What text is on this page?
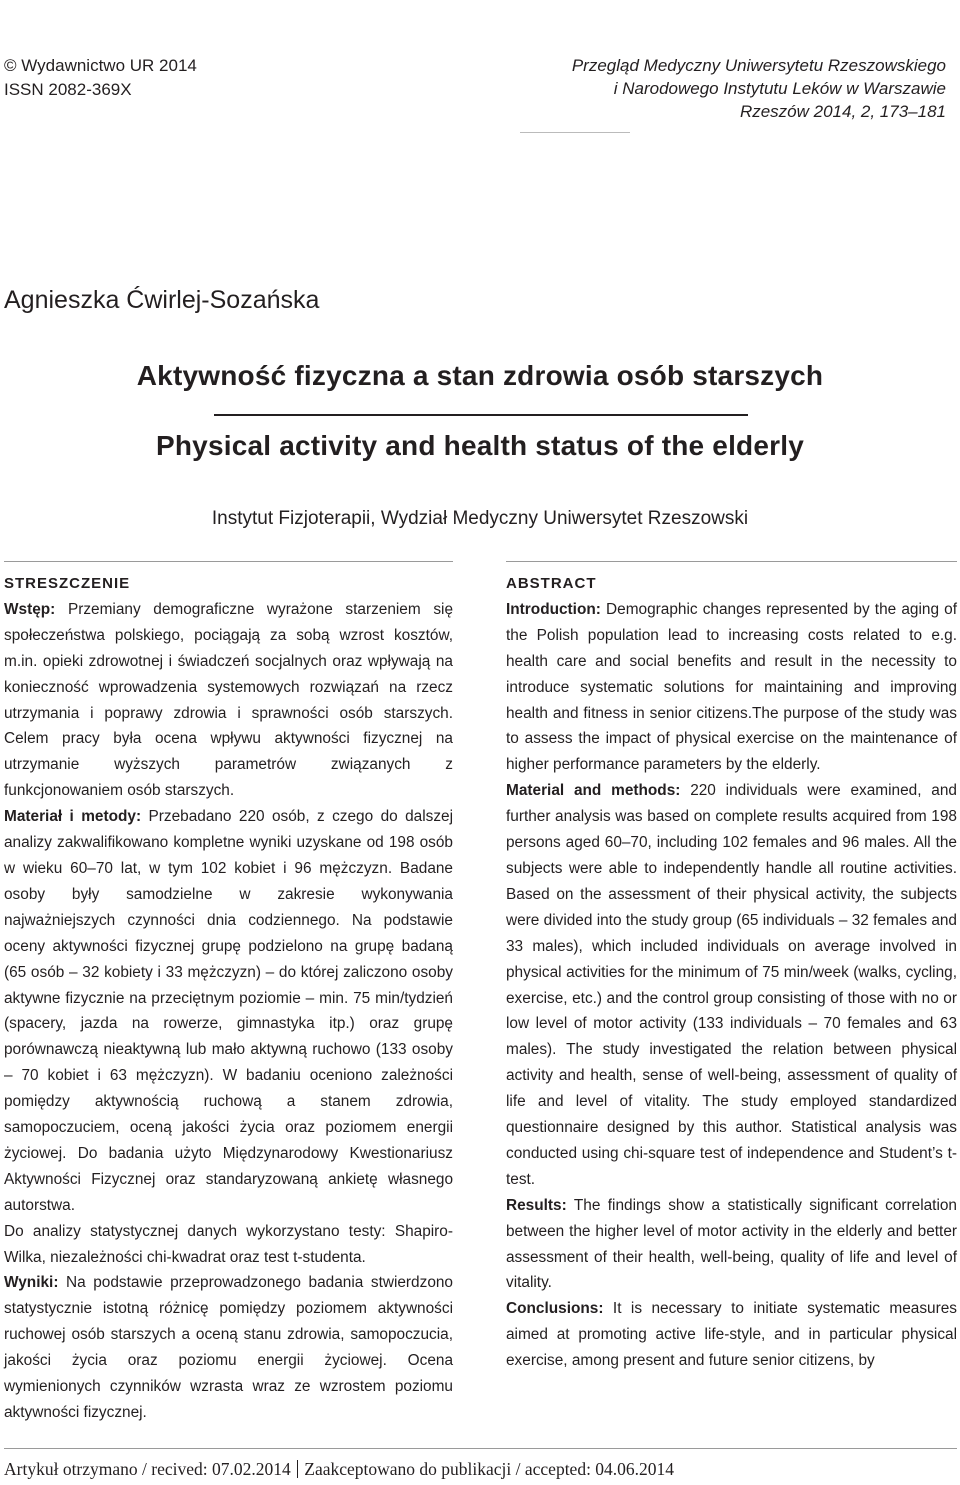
© Wydawnictwo UR 2014
ISSN 2082-369X
Przegląd Medyczny Uniwersytetu Rzeszowskiego
i Narodowego Instytutu Leków w Warszawie
Rzeszów 2014, 2, 173–181
Agnieszka Ćwirlej-Sozańska
Aktywność fizyczna a stan zdrowia osób starszych
Physical activity and health status of the elderly
Instytut Fizjoterapii, Wydział Medyczny Uniwersytet Rzeszowski
STRESZCZENIE

Wstęp: Przemiany demograficzne wyrażone starzeniem się społeczeństwa polskiego, pociągają za sobą wzrost kosztów, m.in. opieki zdrowotnej i świadczeń socjalnych oraz wpływają na konieczność wprowadzenia systemowych rozwiązań na rzecz utrzymania i poprawy zdrowia i sprawności osób starszych. Celem pracy była ocena wpływu aktywności fizycznej na utrzymanie wyższych parametrów związanych z funkcjonowaniem osób starszych.

Materiał i metody: Przebadano 220 osób, z czego do dalszej analizy zakwalifikowano kompletne wyniki uzyskane od 198 osób w wieku 60–70 lat, w tym 102 kobiet i 96 mężczyzn. Badane osoby były samodzielne w zakresie wykonywania najważniejszych czynności dnia codziennego. Na podstawie oceny aktywności fizycznej grupę podzielono na grupę badaną (65 osób – 32 kobiety i 33 mężczyzn) – do której zaliczono osoby aktywne fizycznie na przeciętnym poziomie – min. 75 min/tydzień (spacery, jazda na rowerze, gimnastyka itp.) oraz grupę porównawczą nieaktywną lub mało aktywną ruchowo (133 osoby – 70 kobiet i 63 mężczyzn). W badaniu oceniono zależności pomiędzy aktywnością ruchową a stanem zdrowia, samopoczuciem, oceną jakości życia oraz poziomem energii życiowej. Do badania użyto Międzynarodowy Kwestionariusz Aktywności Fizycznej oraz standaryzowaną ankietę własnego autorstwa.

Do analizy statystycznej danych wykorzystano testy: Shapiro-Wilka, niezależności chi-kwadrat oraz test t-studenta.

Wyniki: Na podstawie przeprowadzonego badania stwierdzono statystycznie istotną różnicę pomiędzy poziomem aktywności ruchowej osób starszych a oceną stanu zdrowia, samopoczucia, jakości życia oraz poziomu energii życiowej. Ocena wymienionych czynników wzrasta wraz ze wzrostem poziomu aktywności fizycznej.

ABSTRACT

Introduction: Demographic changes represented by the aging of the Polish population lead to increasing costs related to e.g. health care and social benefits and result in the necessity to introduce systematic solutions for maintaining and improving health and fitness in senior citizens.The purpose of the study was to assess the impact of physical exercise on the maintenance of higher performance parameters by the elderly.

Material and methods: 220 individuals were examined, and further analysis was based on complete results acquired from 198 persons aged 60–70, including 102 females and 96 males. All the subjects were able to independently handle all routine activities. Based on the assessment of their physical activity, the subjects were divided into the study group (65 individuals – 32 females and 33 males), which included individuals on average involved in physical activities for the minimum of 75 min/week (walks, cycling, exercise, etc.) and the control group consisting of those with no or low level of motor activity (133 individuals – 70 females and 63 males). The study investigated the relation between physical activity and health, sense of well-being, assessment of quality of life and level of vitality. The study employed standardized questionnaire designed by this author. Statistical analysis was conducted using chi-square test of independence and Student’s t-test.

Results: The findings show a statistically significant correlation between the higher level of motor activity in the elderly and better assessment of their health, well-being, quality of life and level of vitality.

Conclusions: It is necessary to initiate systematic measures aimed at promoting active life-style, and in particular physical exercise, among present and future senior citizens, by

Artykuł otrzymano / recived: 07.02.2014 Zaakceptowano do publikacji / accepted: 04.06.2014
